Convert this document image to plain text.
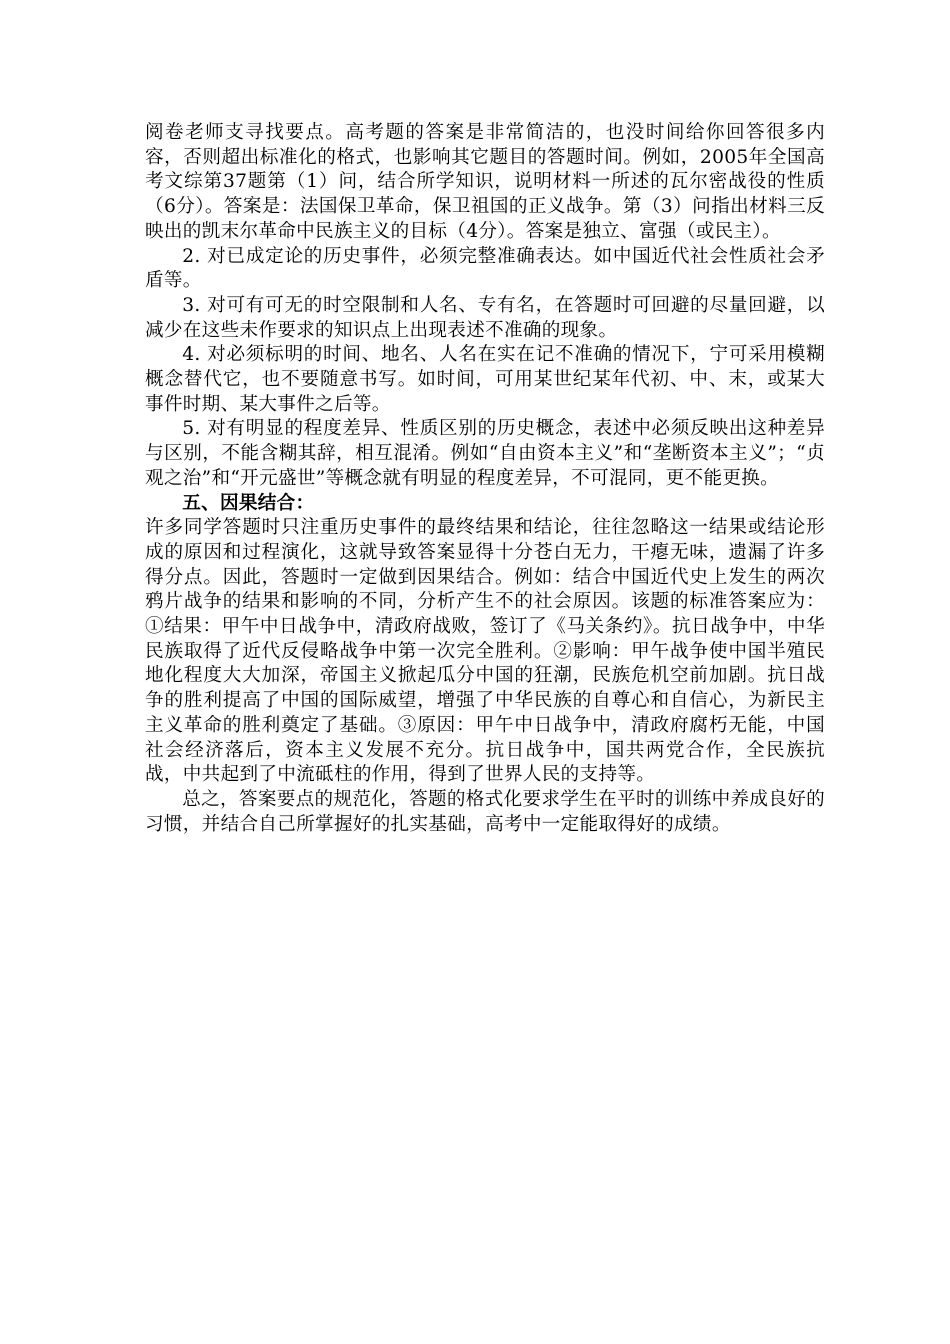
阅卷老师支寻找要点。高考题的答案是非常简洁的，也没时间给你回答很多内容，否则超出标准化的格式，也影响其它题目的答题时间。例如，2005年全国高考文综第37题第（1）问，结合所学知识，说明材料一所述的瓦尔密战役的性质（6分）。答案是：法国保卫革命，保卫祖国的正义战争。第（3）问指出材料三反映出的凯末尔革命中民族主义的目标（4分）。答案是独立、富强（或民主）。

2. 对已成定论的历史事件，必须完整准确表达。如中国近代社会性质社会矛盾等。

3. 对可有可无的时空限制和人名、专有名，在答题时可回避的尽量回避，以减少在这些未作要求的知识点上出现表述不准确的现象。

4. 对必须标明的时间、地名、人名在实在记不准确的情况下，宁可采用模糊概念替代它，也不要随意书写。如时间，可用某世纪某年代初、中、末，或某大事件时期、某大事件之后等。

5. 对有明显的程度差异、性质区别的历史概念，表述中必须反映出这种差异与区别，不能含糊其辞，相互混淆。例如“自由资本主义”和“垄断资本主义”；“贞观之治”和“开元盛世”等概念就有明显的程度差异，不可混同，更不能更换。

五、因果结合：

许多同学答题时只注重历史事件的最终结果和结论，往往忽略这一结果或结论形成的原因和过程演化，这就导致答案显得十分苍白无力，干瘪无味，遗漏了许多得分点。因此，答题时一定做到因果结合。例如：结合中国近代史上发生的两次鸦片战争的结果和影响的不同，分析产生不的社会原因。该题的标准答案应为：①结果：甲午中日战争中，清政府战败，签订了《马关条约》。抗日战争中，中华民族取得了近代反侵略战争中第一次完全胜利。②影响：甲午战争使中国半殖民地化程度大大加深，帝国主义掀起瓜分中国的狂潮，民族危机空前加剧。抗日战争的胜利提高了中国的国际威望，增强了中华民族的自尊心和自信心，为新民主主义革命的胜利奠定了基础。③原因：甲午中日战争中，清政府腐朽无能，中国社会经济落后，资本主义发展不充分。抗日战争中，国共两党合作，全民族抗战，中共起到了中流砥柱的作用，得到了世界人民的支持等。

总之，答案要点的规范化，答题的格式化要求学生在平时的训练中养成良好的习惯，并结合自己所掌握好的扎实基础，高考中一定能取得好的成绩。
